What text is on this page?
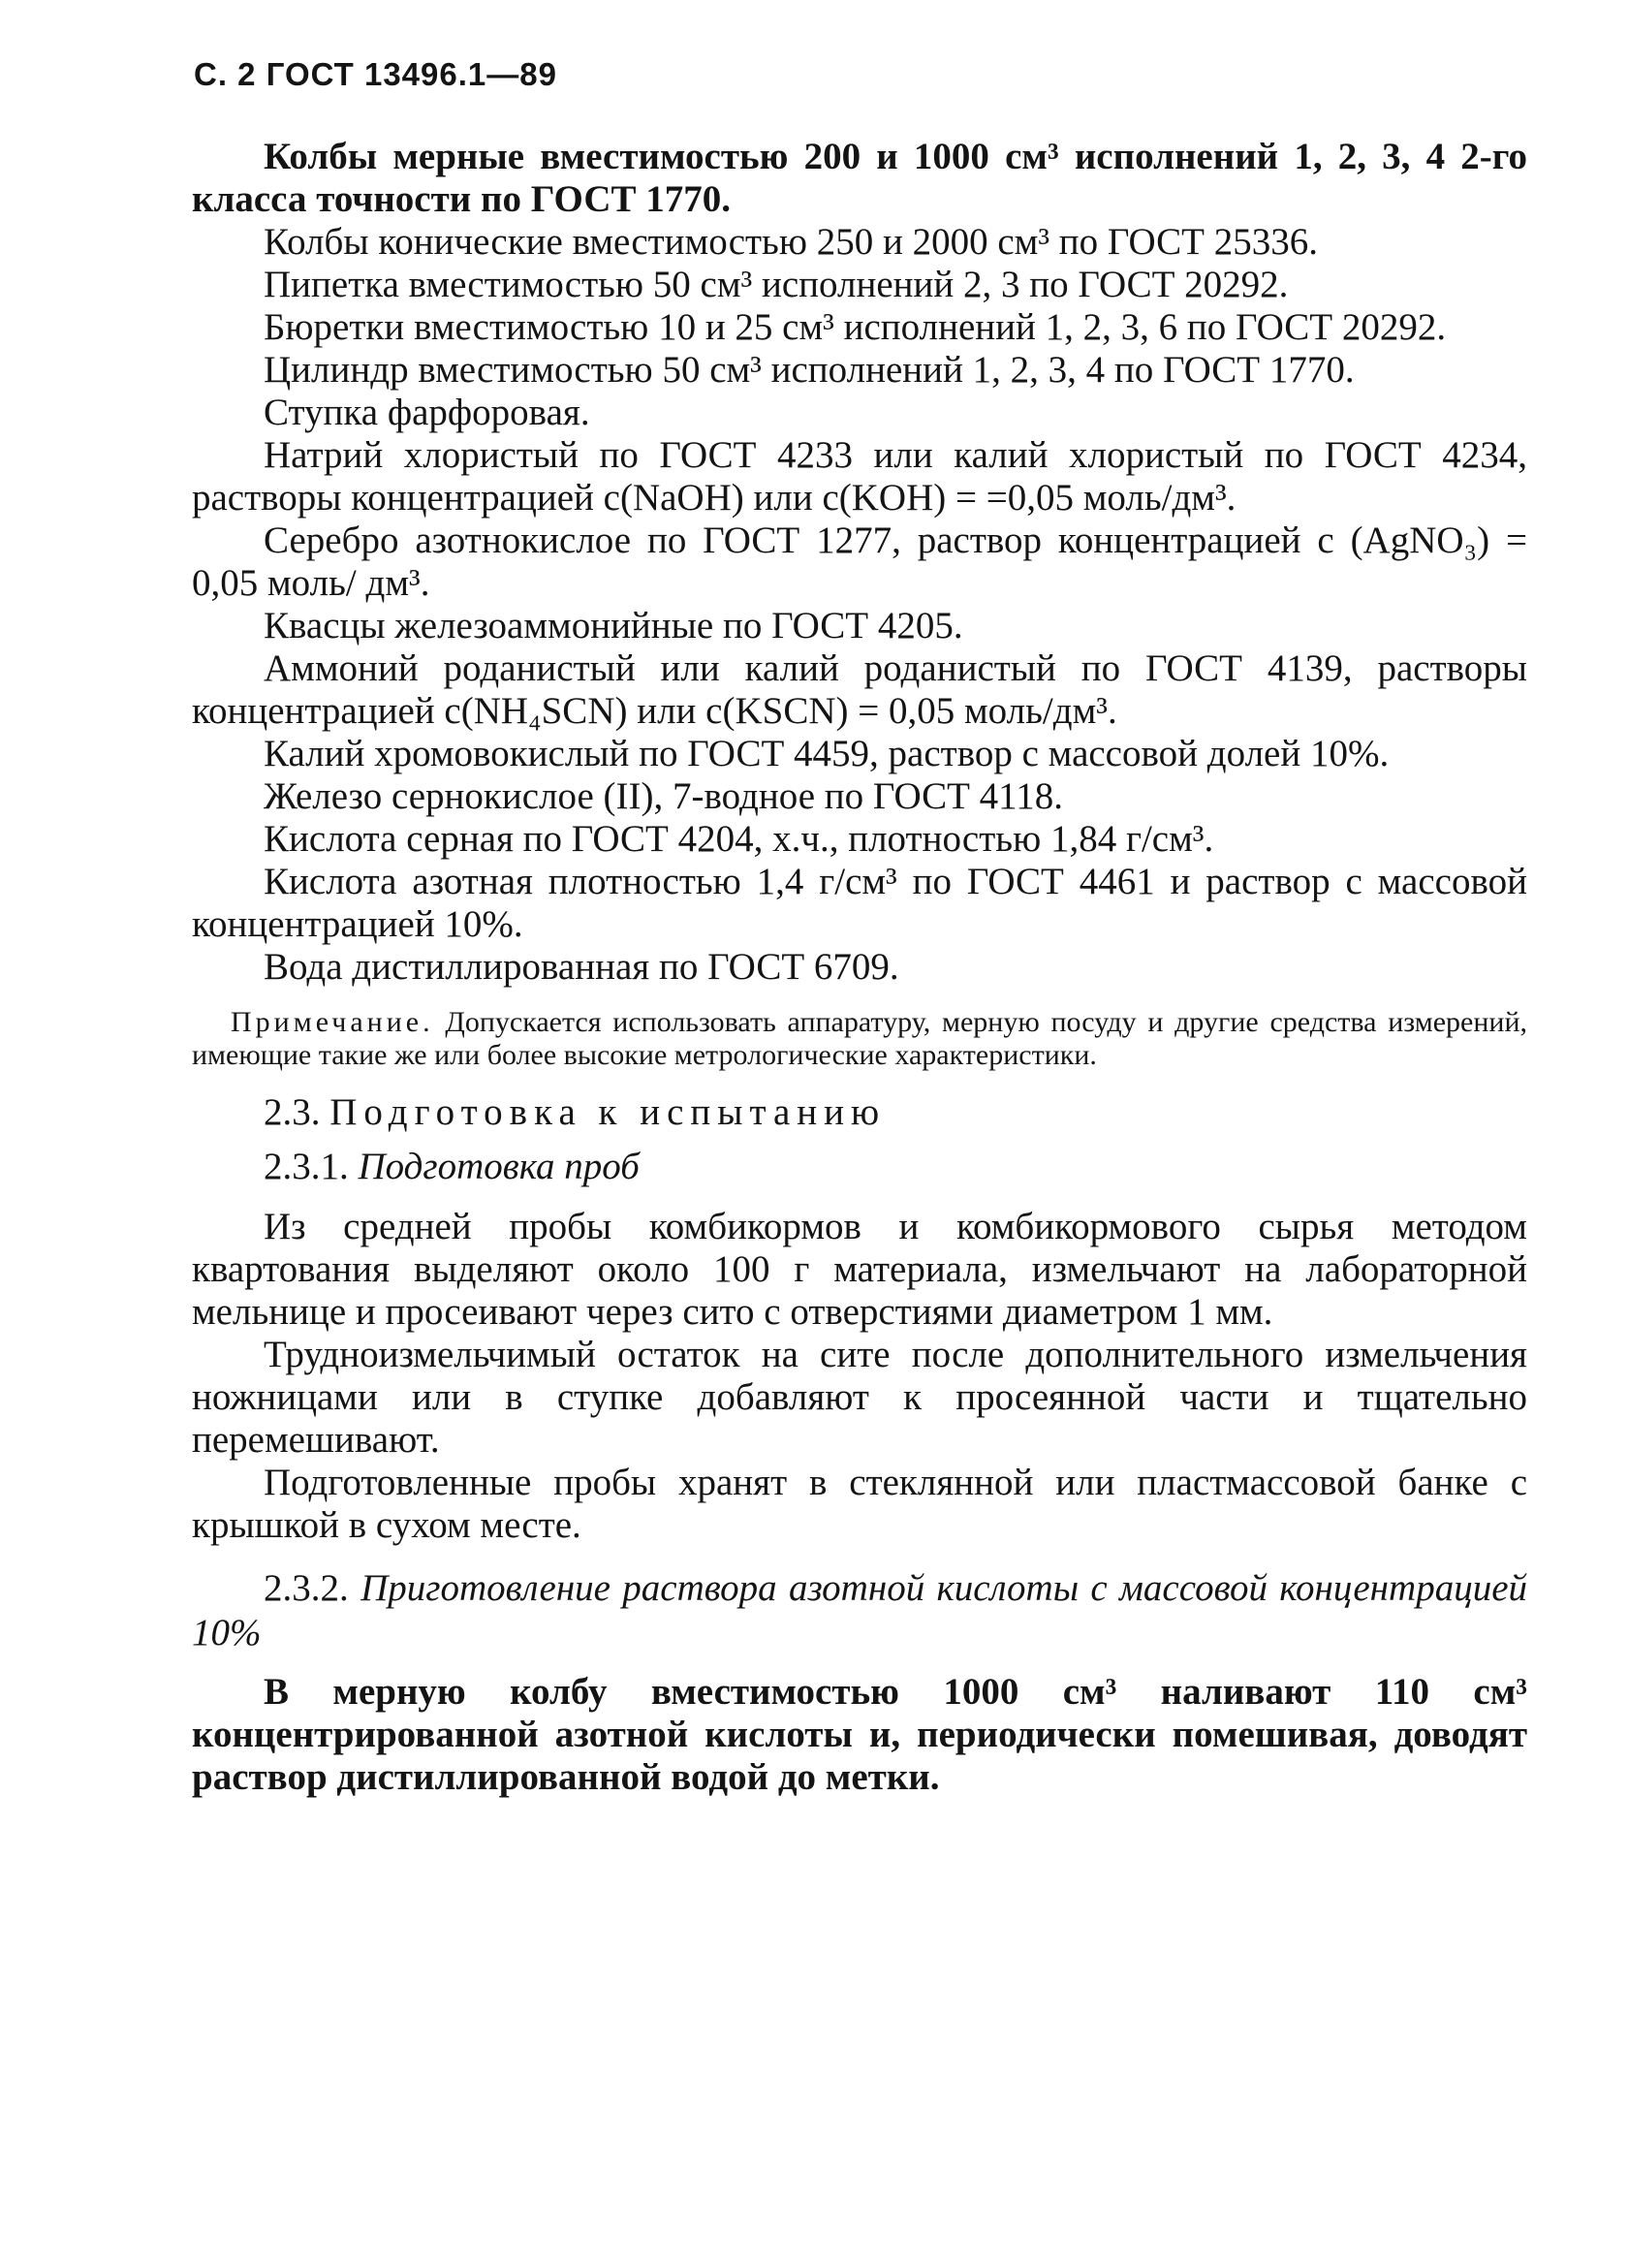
С. 2 ГОСТ 13496.1—89

Колбы мерные вместимостью 200 и 1000 см³ исполнений 1, 2, 3, 4 2-го класса точности по ГОСТ 1770.

Колбы конические вместимостью 250 и 2000 см³ по ГОСТ 25336.

Пипетка вместимостью 50 см³ исполнений 2, 3 по ГОСТ 20292.

Бюретки вместимостью 10 и 25 см³ исполнений 1, 2, 3, 6 по ГОСТ 20292.

Цилиндр вместимостью 50 см³ исполнений 1, 2, 3, 4 по ГОСТ 1770.

Ступка фарфоровая.

Натрий хлористый по ГОСТ 4233 или калий хлористый по ГОСТ 4234, растворы концентрацией c(NaOH) или c(KOH) = =0,05 моль/дм³.

Серебро азотнокислое по ГОСТ 1277, раствор концентрацией c (AgNO₃) = 0,05 моль/ дм³.

Квасцы железоаммонийные по ГОСТ 4205.

Аммоний роданистый или калий роданистый по ГОСТ 4139, растворы концентрацией c(NH₄SCN) или c(KSCN) = 0,05 моль/дм³.

Калий хромовокислый по ГОСТ 4459, раствор с массовой долей 10%.

Железо сернокислое (II), 7-водное по ГОСТ 4118.

Кислота серная по ГОСТ 4204, х.ч., плотностью 1,84 г/см³.

Кислота азотная плотностью 1,4 г/см³ по ГОСТ 4461 и раствор с массовой концентрацией 10%.

Вода дистиллированная по ГОСТ 6709.

Примечание. Допускается использовать аппаратуру, мерную посуду и другие средства измерений, имеющие такие же или более высокие метрологические характеристики.
2.3. Подготовка к испытанию
2.3.1. Подготовка проб

Из средней пробы комбикормов и комбикормового сырья методом квартования выделяют около 100 г материала, измельчают на лабораторной мельнице и просеивают через сито с отверстиями диаметром 1 мм.

Трудноизмельчимый остаток на сите после дополнительного измельчения ножницами или в ступке добавляют к просеянной части и тщательно перемешивают.

Подготовленные пробы хранят в стеклянной или пластмассовой банке с крышкой в сухом месте.

2.3.2. Приготовление раствора азотной кислоты с массовой концентрацией 10%

В мерную колбу вместимостью 1000 см³ наливают 110 см³ концентрированной азотной кислоты и, периодически помешивая, доводят раствор дистиллированной водой до метки.
